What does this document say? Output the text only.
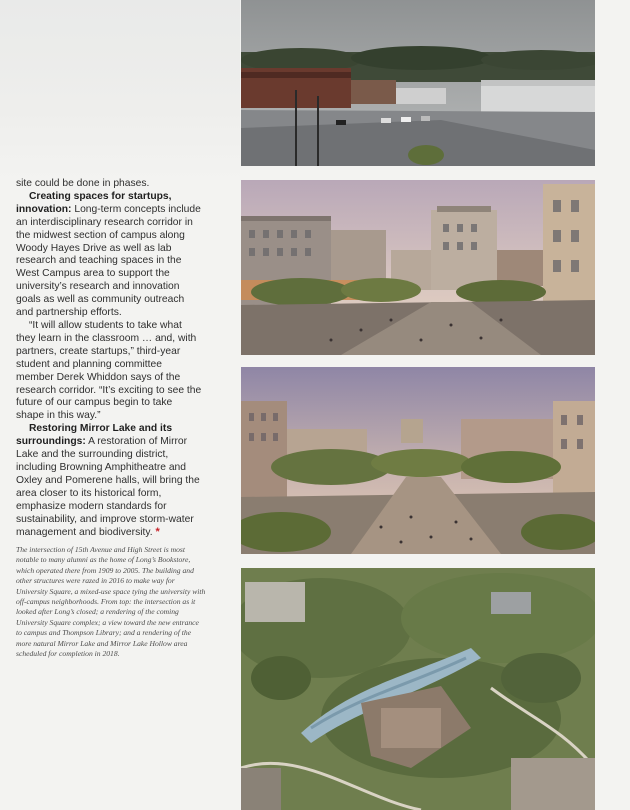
site could be done in phases.

Creating spaces for startups, innovation: Long-term concepts include an interdisciplinary research corridor in the midwest section of campus along Woody Hayes Drive as well as lab research and teaching spaces in the West Campus area to support the university’s research and innovation goals as well as community outreach and partnership efforts.

“It will allow students to take what they learn in the classroom … and, with partners, create startups,” third-year student and planning committee member Derek Whiddon says of the research corridor. “It’s exciting to see the future of our campus begin to take shape in this way.”

Restoring Mirror Lake and its surroundings: A restoration of Mirror Lake and the surrounding district, including Browning Amphitheatre and Oxley and Pomerene halls, will bring the area closer to its historical form, emphasize modern standards for sustainability, and improve storm-water management and biodiversity. *

The intersection of 15th Avenue and High Street is most notable to many alumni as the home of Long’s Bookstore, which operated there from 1909 to 2005. The building and other structures were razed in 2016 to make way for University Square, a mixed-use space tying the university with off-campus neighborhoods. From top: the intersection as it looked after Long’s closed; a rendering of the coming University Square complex; a view toward the new entrance to campus and Thompson Library; and a rendering of the more natural Mirror Lake and Mirror Lake Hollow area scheduled for completion in 2018.
